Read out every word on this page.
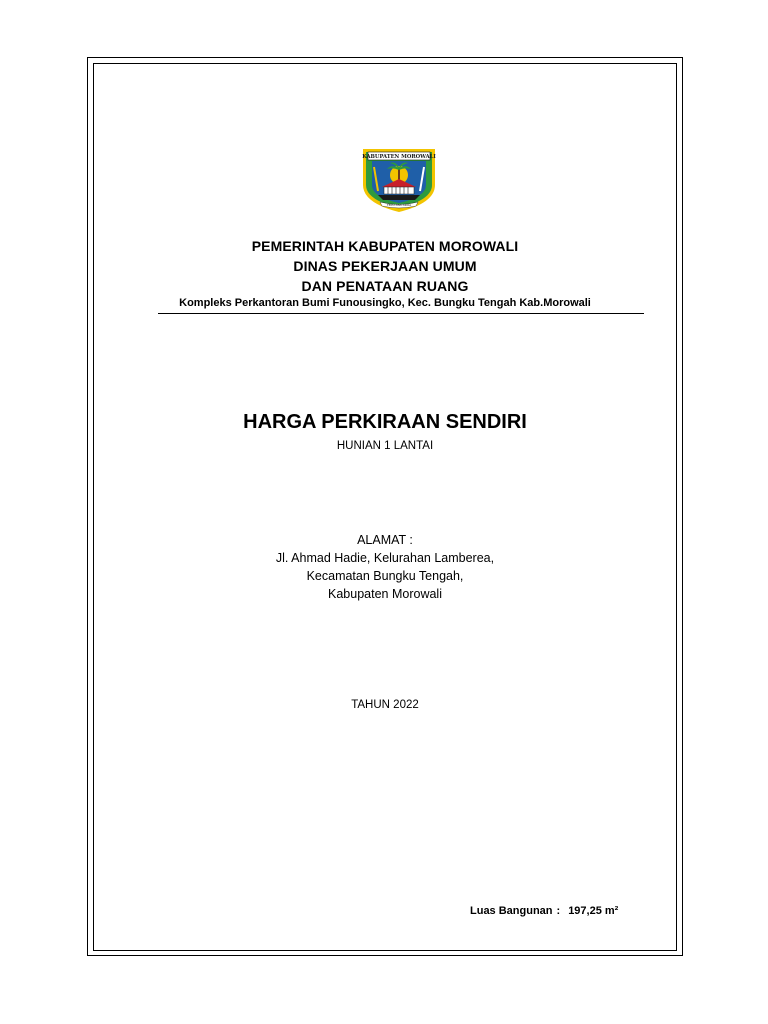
KABUPATEN MOROWALI
TEPO ASA AROA
PEMERINTAH KABUPATEN MOROWALI
DINAS PEKERJAAN UMUM
DAN PENATAAN RUANG
Kompleks Perkantoran Bumi Funousingko, Kec. Bungku Tengah Kab.Morowali
HARGA PERKIRAAN SENDIRI
HUNIAN 1 LANTAI
ALAMAT :
Jl. Ahmad Hadie, Kelurahan Lamberea,
Kecamatan Bungku Tengah,
Kabupaten Morowali
TAHUN 2022
Luas Bangunan : 197,25 m²
